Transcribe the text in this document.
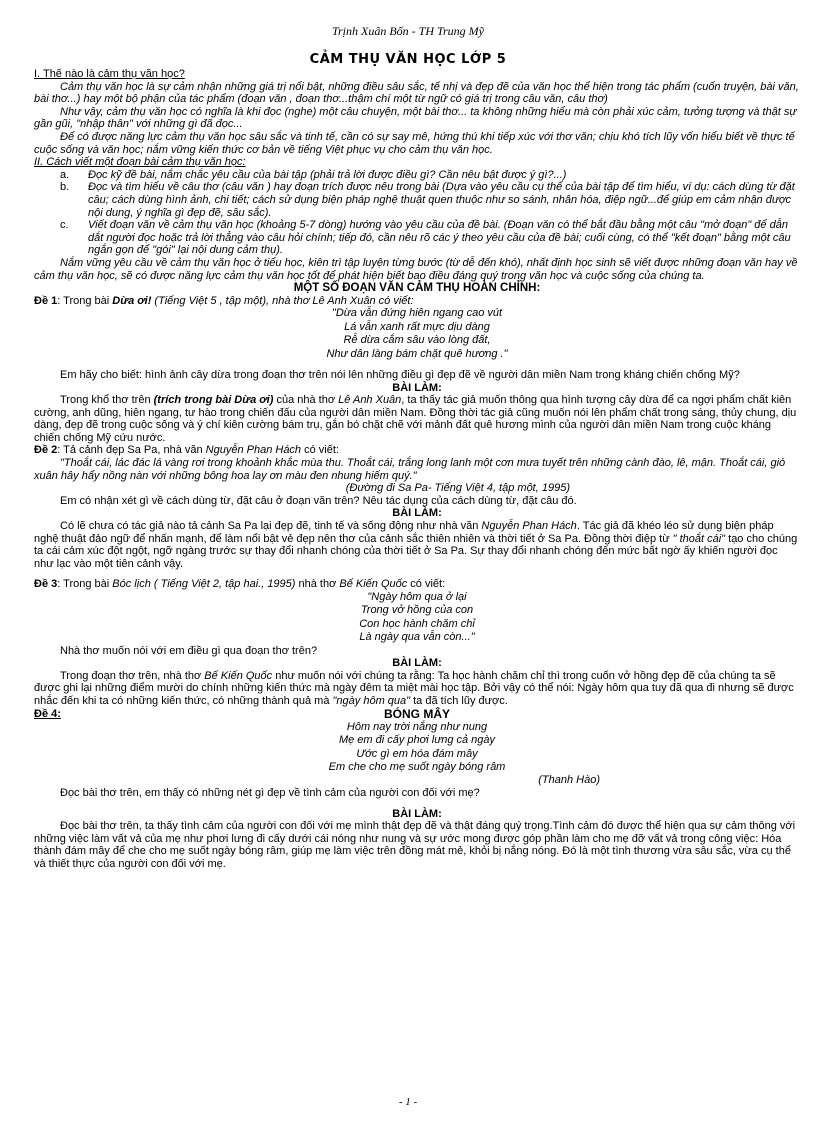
Trịnh Xuân Bốn - TH Trung Mỹ
CẢM THỤ VĂN HỌC LỚP 5

I. Thế nào là cảm thụ văn học?

Cảm thụ văn học là sự cảm nhận những giá trị nổi bật, những điều sâu sắc, tế nhị và đẹp đẽ của văn học thể hiện trong tác phẩm (cuốn truyện, bài văn, bài thơ...) hay một bộ phận của tác phẩm (đoạn văn , đoạn thơ...thậm chí một từ ngữ có giá trị trong câu văn, câu thơ)

Như vậy, cảm thụ văn học có nghĩa là khi đọc (nghe) một câu chuyện, một bài thơ... ta không những hiểu mà còn phải xúc cảm, tưởng tượng và thật sự gần gũi, "nhập thân" với những gì đã đọc...

Để có được năng lực cảm thụ văn học sâu sắc và tinh tế, cần có sự say mê, hứng thú khi tiếp xúc với thơ văn; chịu khó tích lũy vốn hiểu biết về thực tế cuộc sống và văn học; nắm vững kiến thức cơ bản về tiếng Việt phục vụ cho cảm thụ văn học.

II. Cách viết một đoạn bài cảm thụ văn học:

a. Đọc kỹ đề bài, nắm chắc yêu cầu của bài tập (phải trả lời được điều gì? Cần nêu bật được ý gì?...)
b. Đọc và tìm hiểu về câu thơ (câu văn ) hay đoạn trích được nêu trong bài (Dựa vào yêu cầu cụ thể của bài tập để tìm hiểu, ví dụ: cách dùng từ đặt câu; cách dùng hình ảnh, chi tiết; cách sử dụng biện pháp nghệ thuật quen thuộc như so sánh, nhân hóa, điệp ngữ...để giúp em cảm nhận được nội dung, ý nghĩa gì đẹp đẽ, sâu sắc).
c. Viết đoạn văn về cảm thụ văn học (khoảng 5-7 dòng) hướng vào yêu cầu của đề bài. (Đoạn văn có thể bắt đầu bằng một câu "mở đoạn" để dẫn dắt người đọc hoặc trả lời thẳng vào câu hỏi chính; tiếp đó, cần nêu rõ các ý theo yêu cầu của đề bài; cuối cùng, có thể "kết đoạn" bằng một câu ngắn gọn để "gói" lại nội dung cảm thụ).

Nắm vững yêu cầu về cảm thụ văn học ở tiểu học, kiên trì tập luyện từng bước (từ dễ đến khó), nhất định học sinh sẽ viết được những đoạn văn hay về cảm thụ văn học, sẽ có được năng lực cảm thụ văn học tốt để phát hiện biết bao điều đáng quý trong văn học và cuộc sống của chúng ta.

MỘT SỐ ĐOẠN VĂN CẢM THỤ HOÀN CHỈNH:

Đề 1: Trong bài Dừa ơi! (Tiếng Việt 5 , tập một), nhà thơ Lê Anh Xuân có viết:

"Dừa vẫn đứng hiên ngang cao vút
Lá vẫn xanh rất mực dịu dàng
Rễ dừa cắm sâu vào lòng đất,
Như dân làng bám chặt quê hương ."

Em hãy cho biết: hình ảnh cây dừa trong đoạn thơ trên nói lên những điều gì đẹp đẽ về người dân miền Nam trong kháng chiến chống Mỹ?

BÀI LÀM:

Trong khổ thơ trên (trích trong bài Dừa ơi) của nhà thơ Lê Anh Xuân, ta thấy tác giả muốn thông qua hình tượng cây dừa để ca ngợi phẩm chất kiên cường, anh dũng, hiên ngang, tư hào trong chiến đấu của người dân miền Nam. Đồng thời tác giả cũng muốn nói lên phẩm chất trong sáng, thủy chung, dịu dàng, đẹp đẽ trong cuộc sống và ý chí kiên cường bám trụ, gắn bó chặt chẽ với mảnh đất quê hương mình của người dân miền Nam trong cuộc kháng chiến chống Mỹ cứu nước.

Đề 2: Tả cảnh đẹp Sa Pa, nhà văn Nguyễn Phan Hách có viết:

"Thoắt cái, lác đác lá vàng rơi trong khoảnh khắc mùa thu. Thoắt cái, trắng long lanh một cơn mưa tuyết trên những cành đào, lê, mận. Thoắt cái, gió xuân hây hẩy nồng nàn với những bông hoa lay ơn màu đen nhung hiếm quý."

(Đường đi Sa Pa- Tiếng Việt 4, tập một, 1995)

Em có nhận xét gì về cách dùng từ, đặt câu ở đoạn văn trên? Nêu tác dụng của cách dùng từ, đặt câu đó.

BÀI LÀM:

Có lẽ chưa có tác giả nào tả cảnh Sa Pa lại đẹp đẽ, tinh tế và sống động như nhà văn Nguyễn Phan Hách. Tác giả đã khéo léo sử dụng biện pháp nghệ thuật đảo ngữ để nhấn mạnh, để làm nổi bật vẻ đẹp nên thơ của cảnh sắc thiên nhiên và thời tiết ở Sa Pa. Đồng thời điệp từ " thoắt cái" tạo cho chúng ta cái cảm xúc đột ngột, ngỡ ngàng trước sự thay đổi nhanh chóng của thời tiết ở Sa Pa. Sự thay đổi nhanh chóng đến mức bất ngờ ấy khiến người đọc như lạc vào một tiên cảnh vậy.

Đề 3: Trong bài Bóc lịch ( Tiếng Việt 2, tập hai., 1995) nhà thơ Bế Kiến Quốc có viết:

"Ngày hôm qua ở lại
Trong vở hồng của con
Con học hành chăm chỉ
Là ngày qua vẫn còn..."

Nhà thơ muốn nói với em điều gì qua đoạn thơ trên?

BÀI LÀM:

Trong đoạn thơ trên, nhà thơ Bế Kiến Quốc như muốn nói với chúng ta rằng: Ta học hành chăm chỉ thì trong cuốn vở hồng đẹp đẽ của chúng ta sẽ được ghi lại những điểm mười do chính những kiến thức mà ngày đêm ta miệt mài học tập. Bởi vậy có thể nói: Ngày hôm qua tuy đã qua đi nhưng sẽ được nhắc đến khi ta có những kiến thức, có những thành quả mà "ngày hôm qua" ta đã tích lũy được.

Đề 4:	BÓNG MÂY

Hôm nay trời nắng như nung
Mẹ em đi cấy phơi lưng cả ngày
Ước gì em hóa đám mây
Em che cho mẹ suốt ngày bóng râm

(Thanh Hào)

Đọc bài thơ trên, em thấy có những nét gì đẹp về tình cảm của người con đối với mẹ?

BÀI LÀM:

Đọc bài thơ trên, ta thấy tình cảm của người con đối với mẹ mình thật đẹp đẽ và thật đáng quý trọng.Tình cảm đó được thể hiện qua sự cảm thông với những việc làm vất vả của mẹ như phơi lưng đi cấy dưới cái nóng như nung và sự ước mong được góp phần làm cho mẹ đỡ vất vả trong công việc: Hóa thành đám mây để che cho mẹ suốt ngày bóng râm, giúp mẹ làm việc trên đồng mát mẻ, khỏi bị nắng nóng. Đó là một tình thương vừa sâu sắc, vừa cụ thể và thiết thực của người con đối với mẹ.

- 1 -
